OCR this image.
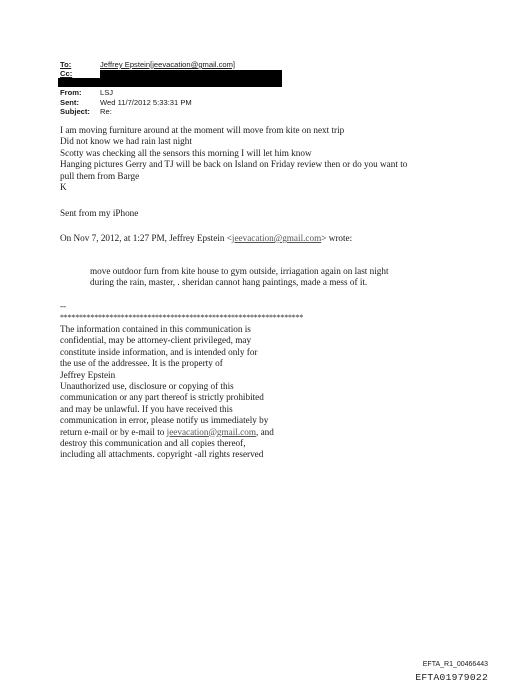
To:	Jeffrey Epstein[jeevacation@gmail.com]
Cc:
From:	LSJ
Sent:	Wed 11/7/2012 5:33:31 PM
Subject:	Re:
I am moving furniture around at the moment will move from kite on next trip
Did not know we had rain last night
Scotty was checking all the sensors this morning I will let him know
Hanging pictures Gerry and TJ will be back on Island on Friday review then or do you want to
pull them from Barge
K
Sent from my iPhone
On Nov 7, 2012, at 1:27 PM, Jeffrey Epstein <jeevacation@gmail.com> wrote:
move outdoor furn from kite house to gym outside, irriagation again on last night
during the rain, master, . sheridan cannot hang paintings, made a mess of it.
--
****************************************************************
The information contained in this communication is
confidential, may be attorney-client privileged, may
constitute inside information, and is intended only for
the use of the addressee. It is the property of
Jeffrey Epstein
Unauthorized use, disclosure or copying of this
communication or any part thereof is strictly prohibited
and may be unlawful. If you have received this
communication in error, please notify us immediately by
return e-mail or by e-mail to jeevacation@gmail.com, and
destroy this communication and all copies thereof,
including all attachments. copyright -all rights reserved
EFTA_R1_00466443
EFTA01979022
